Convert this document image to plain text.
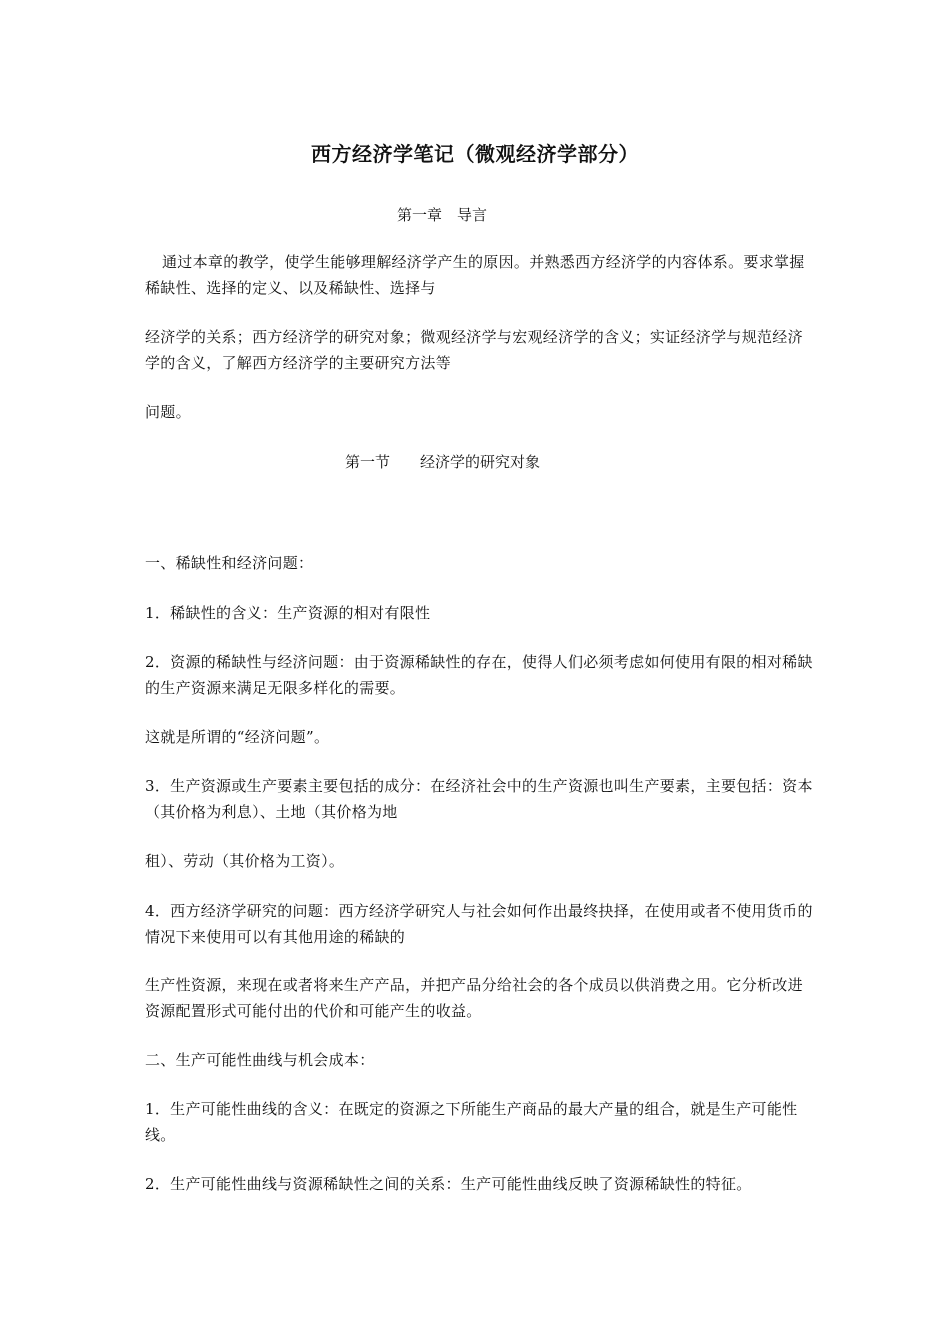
西方经济学笔记（微观经济学部分）
第一章　导言
通过本章的教学，使学生能够理解经济学产生的原因。并熟悉西方经济学的内容体系。要求掌握稀缺性、选择的定义、以及稀缺性、选择与
经济学的关系；西方经济学的研究对象；微观经济学与宏观经济学的含义；实证经济学与规范经济学的含义，了解西方经济学的主要研究方法等
问题。
第一节　　经济学的研究对象
一、稀缺性和经济问题：
1．稀缺性的含义：生产资源的相对有限性
2．资源的稀缺性与经济问题：由于资源稀缺性的存在，使得人们必须考虑如何使用有限的相对稀缺的生产资源来满足无限多样化的需要。
这就是所谓的“经济问题”。
3．生产资源或生产要素主要包括的成分：在经济社会中的生产资源也叫生产要素，主要包括：资本（其价格为利息）、土地（其价格为地
租）、劳动（其价格为工资）。
4．西方经济学研究的问题：西方经济学研究人与社会如何作出最终抉择，在使用或者不使用货币的情况下来使用可以有其他用途的稀缺的
生产性资源，来现在或者将来生产产品，并把产品分给社会的各个成员以供消费之用。它分析改进资源配置形式可能付出的代价和可能产生的收益。
二、生产可能性曲线与机会成本：
1．生产可能性曲线的含义：在既定的资源之下所能生产商品的最大产量的组合，就是生产可能性线。
2．生产可能性曲线与资源稀缺性之间的关系：生产可能性曲线反映了资源稀缺性的特征。
